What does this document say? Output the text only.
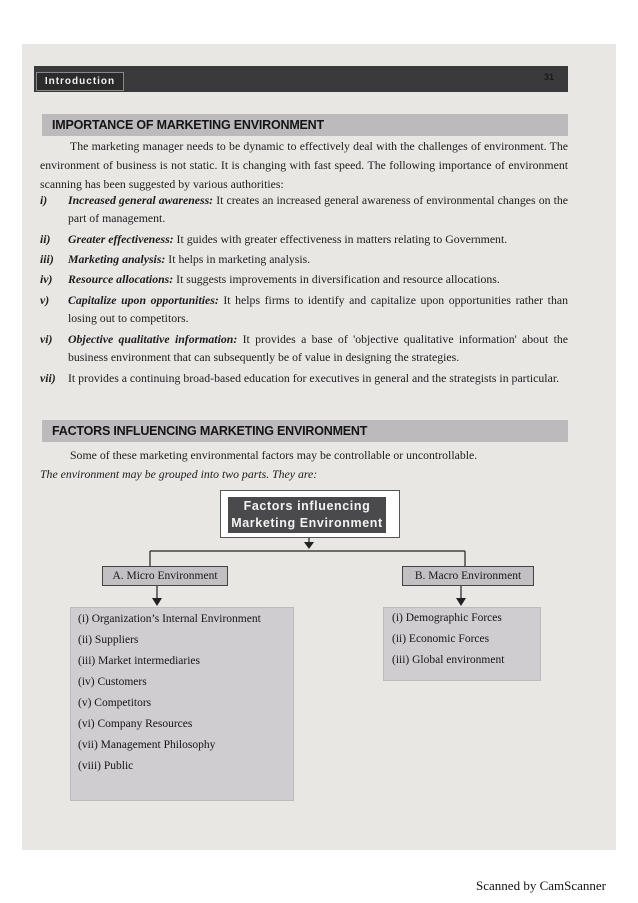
Introduction	31
IMPORTANCE OF MARKETING ENVIRONMENT
The marketing manager needs to be dynamic to effectively deal with the challenges of environment. The environment of business is not static. It is changing with fast speed. The following importance of environment scanning has been suggested by various authorities:
i) Increased general awareness: It creates an increased general awareness of environmental changes on the part of management.
ii) Greater effectiveness: It guides with greater effectiveness in matters relating to Government.
iii) Marketing analysis: It helps in marketing analysis.
iv) Resource allocations: It suggests improvements in diversification and resource allocations.
v) Capitalize upon opportunities: It helps firms to identify and capitalize upon opportunities rather than losing out to competitors.
vi) Objective qualitative information: It provides a base of 'objective qualitative information' about the business environment that can subsequently be of value in designing the strategies.
vii) It provides a continuing broad-based education for executives in general and the strategists in particular.
FACTORS INFLUENCING MARKETING ENVIRONMENT
Some of these marketing environmental factors may be controllable or uncontrollable.
The environment may be grouped into two parts. They are:
Factors influencing
Marketing Environment
A. Micro Environment	B. Macro Environment
(i) Organization’s Internal Environment
(ii) Suppliers
(iii) Market intermediaries
(iv) Customers
(v) Competitors
(vi) Company Resources
(vii) Management Philosophy
(viii) Public
(i) Demographic Forces
(ii) Economic Forces
(iii) Global environment
Scanned by CamScanner
